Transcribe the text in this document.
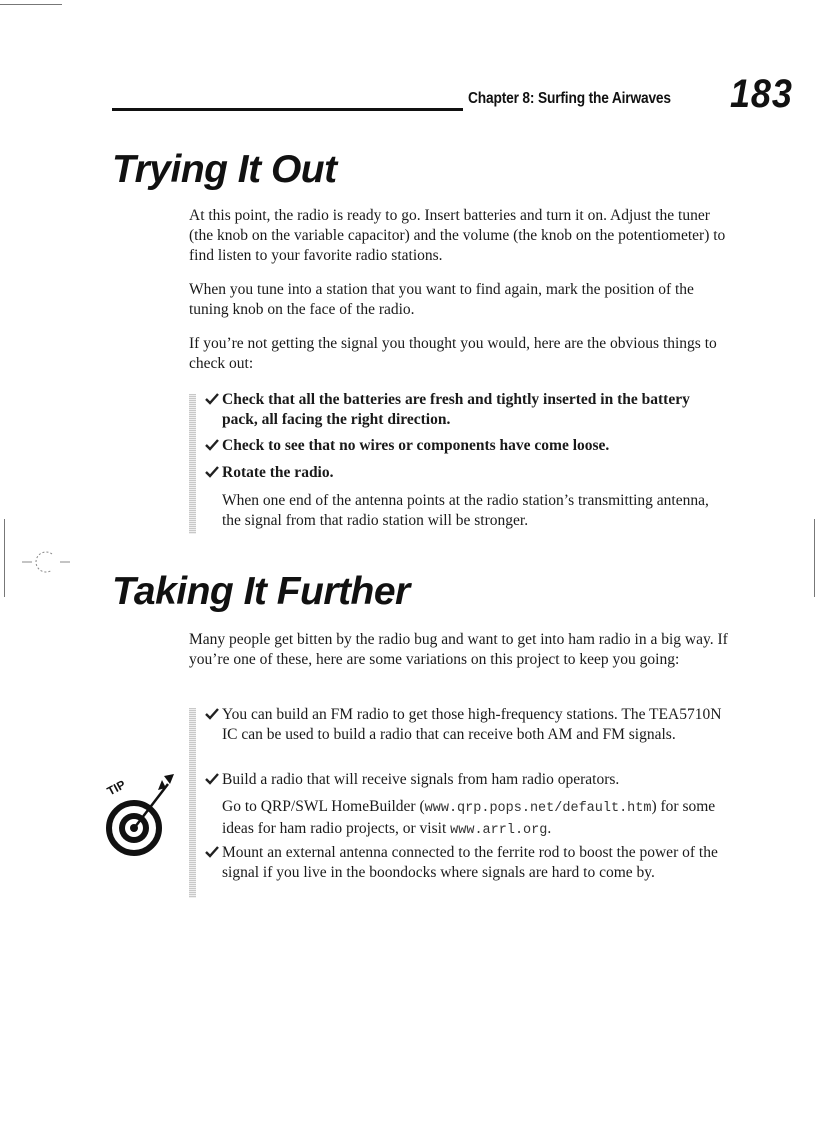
Chapter 8: Surfing the Airwaves 183
Trying It Out

At this point, the radio is ready to go. Insert batteries and turn it on. Adjust the tuner (the knob on the variable capacitor) and the volume (the knob on the potentiometer) to find listen to your favorite radio stations.

When you tune into a station that you want to find again, mark the position of the tuning knob on the face of the radio.

If you’re not getting the signal you thought you would, here are the obvious things to check out:

Check that all the batteries are fresh and tightly inserted in the battery pack, all facing the right direction.
Check to see that no wires or components have come loose.
Rotate the radio.

When one end of the antenna points at the radio station’s transmitting antenna, the signal from that radio station will be stronger.

Taking It Further

Many people get bitten by the radio bug and want to get into ham radio in a big way. If you’re one of these, here are some variations on this project to keep you going:

You can build an FM radio to get those high-frequency stations. The TEA5710N IC can be used to build a radio that can receive both AM and FM signals.
Build a radio that will receive signals from ham radio operators.

Go to QRP/SWL HomeBuilder (www.qrp.pops.net/default.htm) for some ideas for ham radio projects, or visit www.arrl.org.

Mount an external antenna connected to the ferrite rod to boost the power of the signal if you live in the boondocks where signals are hard to come by.
TIP
